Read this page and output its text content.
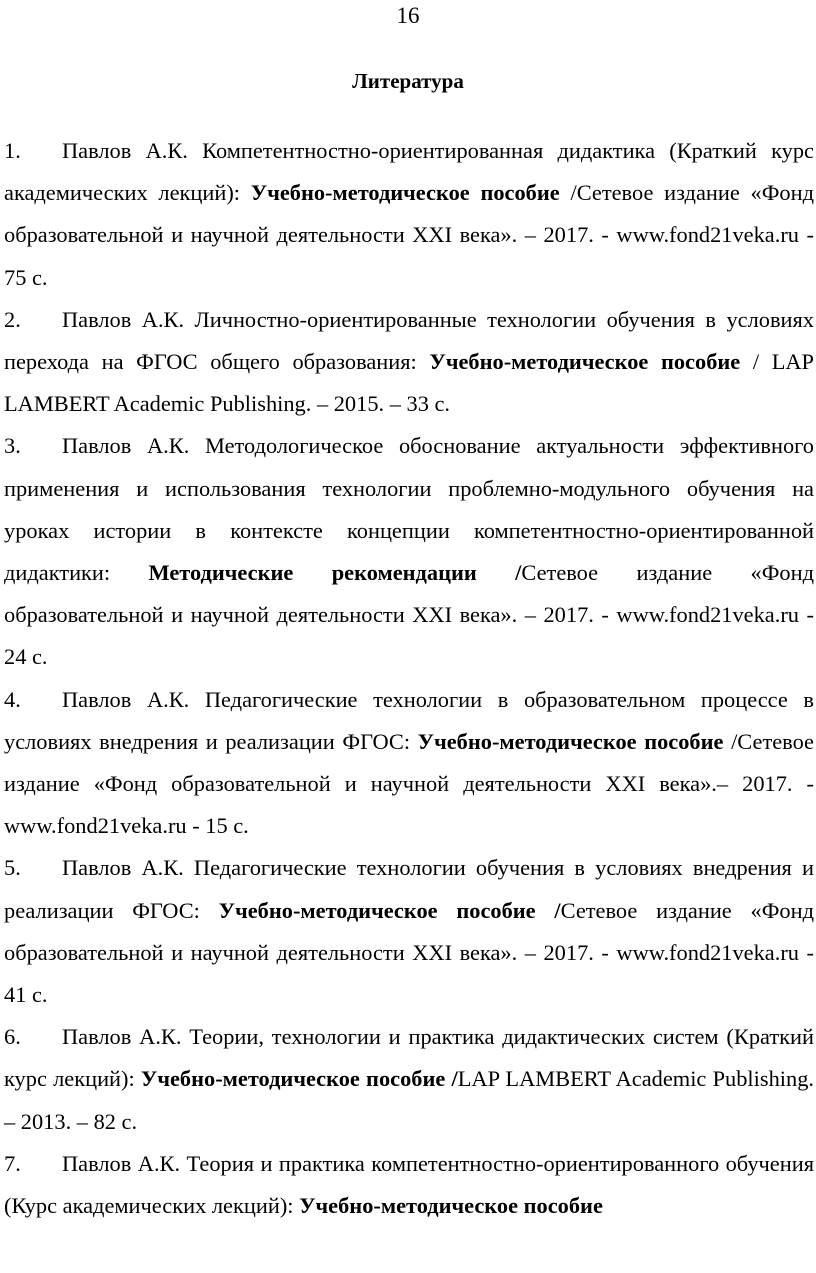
16
Литература
1. Павлов А.К. Компетентностно-ориентированная дидактика (Краткий курс академических лекций): Учебно-методическое пособие /Сетевое издание «Фонд образовательной и научной деятельности XXI века». – 2017. - www.fond21veka.ru - 75 с.
2. Павлов А.К. Личностно-ориентированные технологии обучения в условиях перехода на ФГОС общего образования: Учебно-методическое пособие / LAP LAMBERT Academic Publishing. – 2015. – 33 с.
3. Павлов А.К. Методологическое обоснование актуальности эффективного применения и использования технологии проблемно-модульного обучения на уроках истории в контексте концепции компетентностно-ориентированной дидактики: Методические рекомендации /Сетевое издание «Фонд образовательной и научной деятельности XXI века». – 2017. - www.fond21veka.ru - 24 с.
4. Павлов А.К. Педагогические технологии в образовательном процессе в условиях внедрения и реализации ФГОС: Учебно-методическое пособие /Сетевое издание «Фонд образовательной и научной деятельности XXI века».– 2017. - www.fond21veka.ru - 15 с.
5. Павлов А.К. Педагогические технологии обучения в условиях внедрения и реализации ФГОС: Учебно-методическое пособие /Сетевое издание «Фонд образовательной и научной деятельности XXI века». – 2017. - www.fond21veka.ru - 41 с.
6. Павлов А.К. Теории, технологии и практика дидактических систем (Краткий курс лекций): Учебно-методическое пособие /LAP LAMBERT Academic Publishing. – 2013. – 82 с.
7. Павлов А.К. Теория и практика компетентностно-ориентированного обучения (Курс академических лекций): Учебно-методическое пособие
